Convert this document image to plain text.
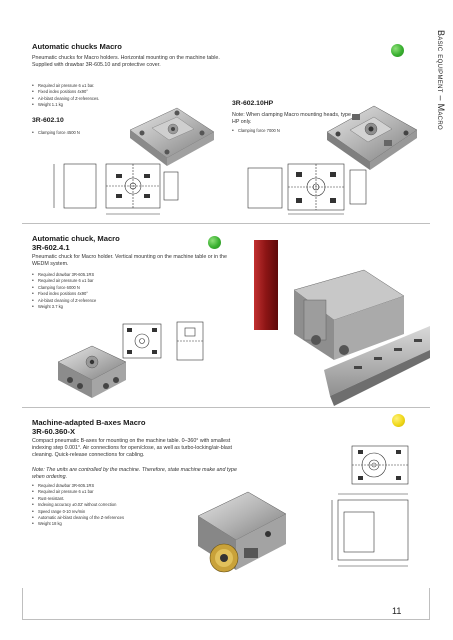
Automatic chucks Macro
Pneumatic chucks for Macro holders. Horizontal mounting on the machine table. Supplied with drawbar 3R-605.10 and protective cover.
• Required air pressure 6 ±1 bar.
• Fixed index positions 4x90°
• Air-blast cleaning of Z-references.
• Weight 1.1 kg
3R-602.10
• Clamping force 4500 N
3R-602.10HP
Note: When clamping Macro mounting heads, type HP only.
• Clamping force 7000 N
Automatic chuck, Macro
3R-602.4.1
Pneumatic chuck for Macro holder. Vertical mounting on the machine table or in the WEDM system.
• Required drawbar 3R-605.1RS
• Required air pressure 6 ±1 bar
• Clamping force 6000 N
• Fixed index positions 4x90°
• Air-blast cleaning of Z-reference
• Weight 3.7 kg
Machine-adapted B-axes Macro
3R-60.360-X
Compact pneumatic B-axes for mounting on the machine table. 0–360° with smallest indexing step 0.001°. Air connections for open/close, as well as turbo-locking/air-blast cleaning. Quick-release connections for cabling.
Note: The units are controlled by the machine. Therefore, state machine make and type when ordering.
• Required drawbar 3R-605.1RS
• Required air pressure 6 ±1 bar
• Rust-resistant.
• Indexing accuracy ±0.02' without correction
• Speed range 0-10 rev/min
• Automatic air-blast cleaning of the Z-references
• Weight 18 kg
Basic equipment – Macro
11
